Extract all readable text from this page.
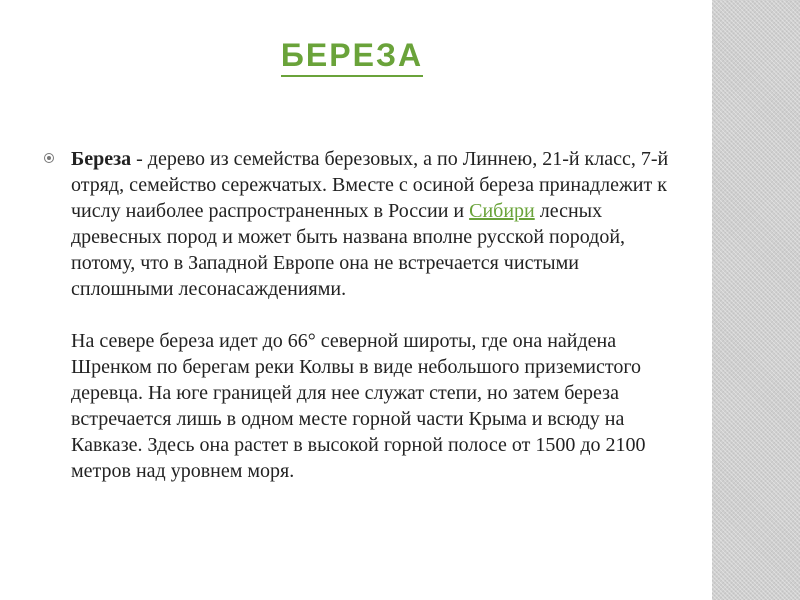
БЕРЕЗА
Береза - дерево из семейства березовых, а по Линнею, 21-й класс, 7-й отряд, семейство сережчатых. Вместе с осиной береза принадлежит к числу наиболее распространенных в России и Сибири лесных древесных пород и может быть названа вполне русской породой, потому, что в Западной Европе она не встречается чистыми сплошными лесонасаждениями.
На севере береза идет до 66° северной широты, где она найдена Шренком по берегам реки Колвы в виде небольшого приземистого деревца. На юге границей для нее служат степи, но затем береза встречается лишь в одном месте горной части Крыма и всюду на Кавказе. Здесь она растет в высокой горной полосе от 1500 до 2100 метров над уровнем моря.
